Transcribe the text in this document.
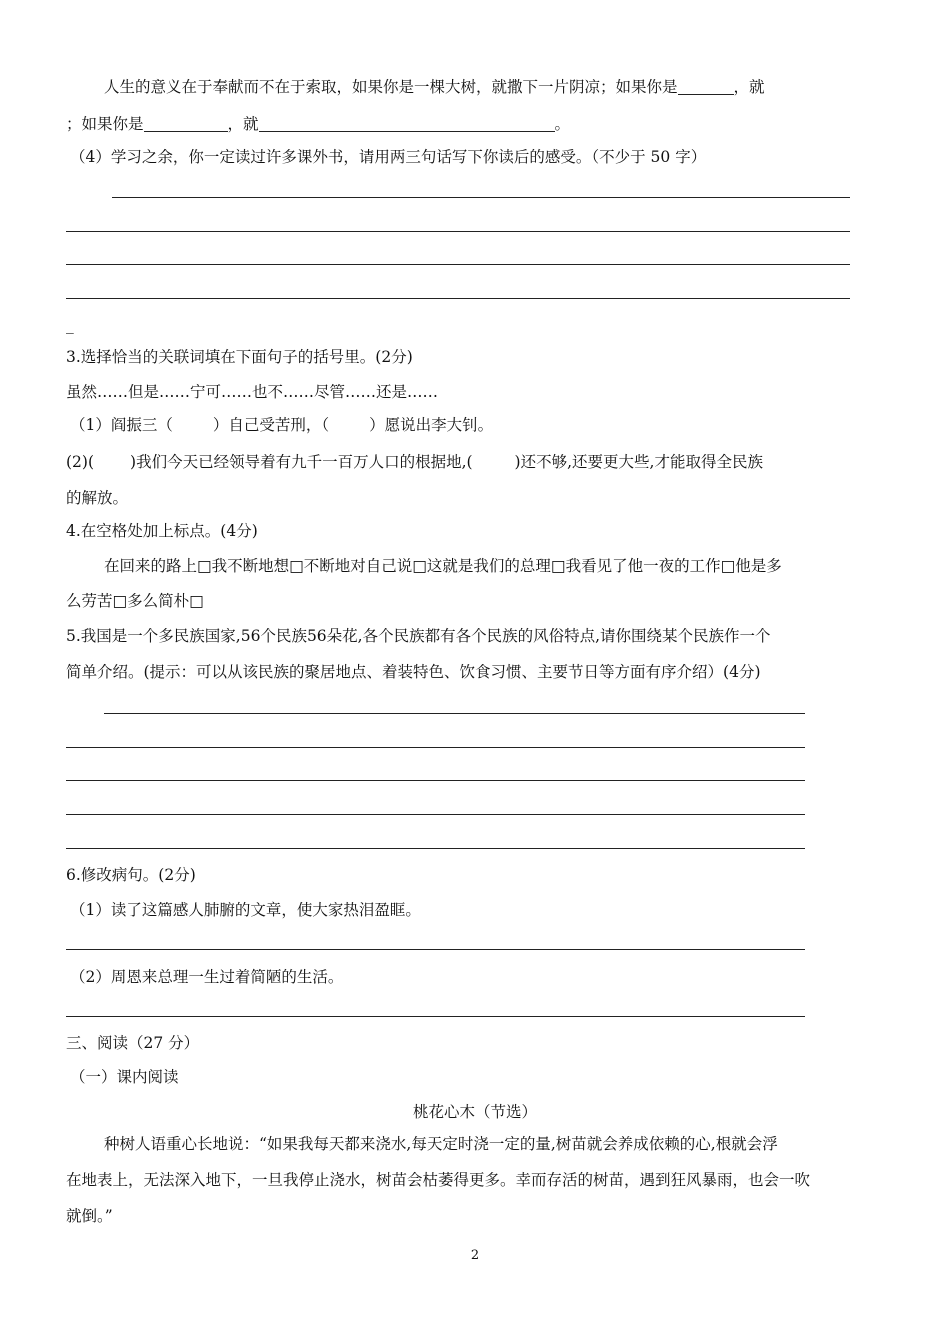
人生的意义在于奉献而不在于索取，如果你是一棵大树，就撒下一片阴凉；如果你是	，就
；如果你是	，就	。
（4）学习之余，你一定读过许多课外书，请用两三句话写下你读后的感受。（不少于 50 字）
_
3.选择恰当的关联词填在下面句子的括号里。(2分)
虽然……但是……宁可……也不……尽管……还是……
（1）阎振三（	）自己受苦刑，（	）愿说出李大钊。
(2)( )我们今天已经领导着有九千一百万人口的根据地,(	)还不够,还要更大些,才能取得全民族
的解放。
4.在空格处加上标点。(4分)
在回来的路上□我不断地想□不断地对自己说□这就是我们的总理□我看见了他一夜的工作□他是多
么劳苦□多么简朴□
5.我国是一个多民族国家,56个民族56朵花,各个民族都有各个民族的风俗特点,请你围绕某个民族作一个
简单介绍。(提示：可以从该民族的聚居地点、着装特色、饮食习惯、主要节日等方面有序介绍）(4分)
6.修改病句。(2分)
（1）读了这篇感人肺腑的文章，使大家热泪盈眶。
（2）周恩来总理一生过着简陋的生活。
三、阅读（27 分）
（一）课内阅读
桃花心木（节选）
种树人语重心长地说：“如果我每天都来浇水,每天定时浇一定的量,树苗就会养成依赖的心,根就会浮
在地表上，无法深入地下，一旦我停止浇水，树苗会枯萎得更多。幸而存活的树苗，遇到狂风暴雨，也会一吹
就倒。”
2
